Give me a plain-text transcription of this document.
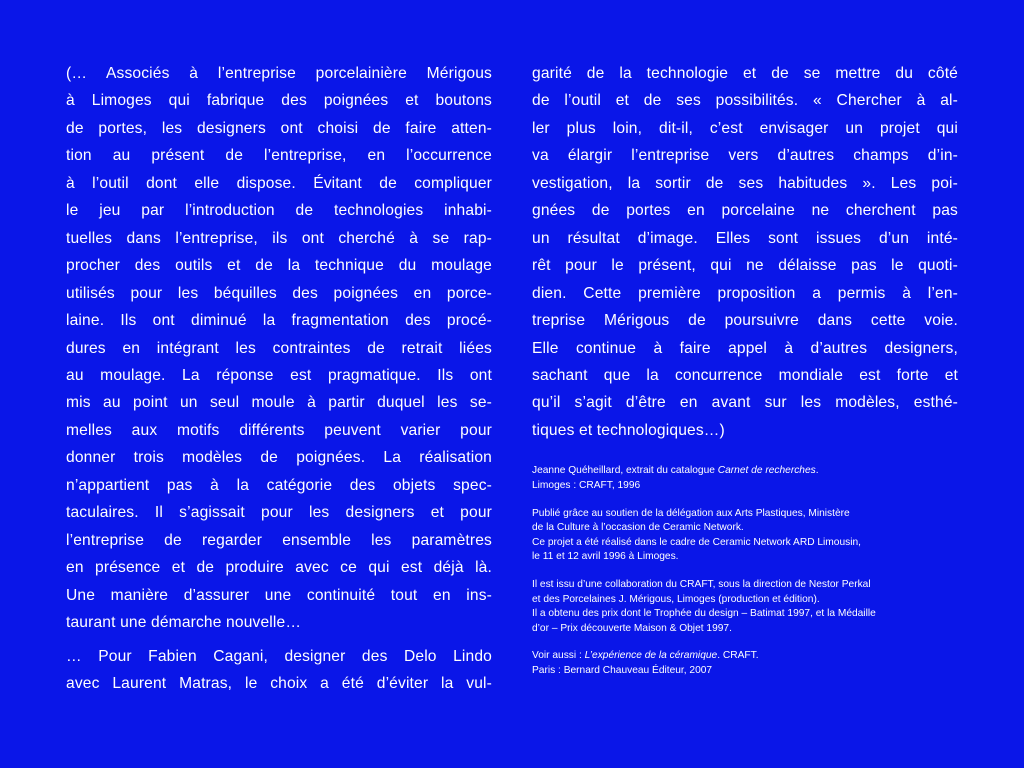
(… Associés à l’entreprise porcelainière Mérigous
à Limoges qui fabrique des poignées et boutons
de portes, les designers ont choisi de faire atten-
tion au présent de l’entreprise, en l’occurrence
à l’outil dont elle dispose. Évitant de compliquer
le jeu par l’introduction de technologies inhabi-
tuelles dans l’entreprise, ils ont cherché à se rap-
procher des outils et de la technique du moulage
utilisés pour les béquilles des poignées en porce-
laine. Ils ont diminué la fragmentation des procé-
dures en intégrant les contraintes de retrait liées
au moulage. La réponse est pragmatique. Ils ont
mis au point un seul moule à partir duquel les se-
melles aux motifs différents peuvent varier pour
donner trois modèles de poignées. La réalisation
n’appartient pas à la catégorie des objets spec-
taculaires. Il s’agissait pour les designers et pour
l’entreprise de regarder ensemble les paramètres
en présence et de produire avec ce qui est déjà là.
Une manière d’assurer une continuité tout en ins-
taurant une démarche nouvelle…

… Pour Fabien Cagani, designer des Delo Lindo
avec Laurent Matras, le choix a été d’éviter la vul-

garité de la technologie et de se mettre du côté
de l’outil et de ses possibilités. « Chercher à al-
ler plus loin, dit-il, c’est envisager un projet qui
va élargir l’entreprise vers d’autres champs d’in-
vestigation, la sortir de ses habitudes ». Les poi-
gnées de portes en porcelaine ne cherchent pas
un résultat d’image. Elles sont issues d’un inté-
rêt pour le présent, qui ne délaisse pas le quoti-
dien. Cette première proposition a permis à l’en-
treprise Mérigous de poursuivre dans cette voie.
Elle continue à faire appel à d’autres designers,
sachant que la concurrence mondiale est forte et
qu’il s’agit d’être en avant sur les modèles, esthé-
tiques et technologiques…)

Jeanne Quéheillard, extrait du catalogue Carnet de recherches.
Limoges : CRAFT, 1996

Publié grâce au soutien de la délégation aux Arts Plastiques, Ministère
de la Culture à l’occasion de Ceramic Network.
Ce projet a été réalisé dans le cadre de Ceramic Network ARD Limousin,
le 11 et 12 avril 1996 à Limoges.

Il est issu d’une collaboration du CRAFT, sous la direction de Nestor Perkal
et des Porcelaines J. Mérigous, Limoges (production et édition).
Il a obtenu des prix dont le Trophée du design – Batimat 1997, et la Médaille
d’or – Prix découverte Maison & Objet 1997.

Voir aussi : L’expérience de la céramique. CRAFT.
Paris : Bernard Chauveau Éditeur, 2007
